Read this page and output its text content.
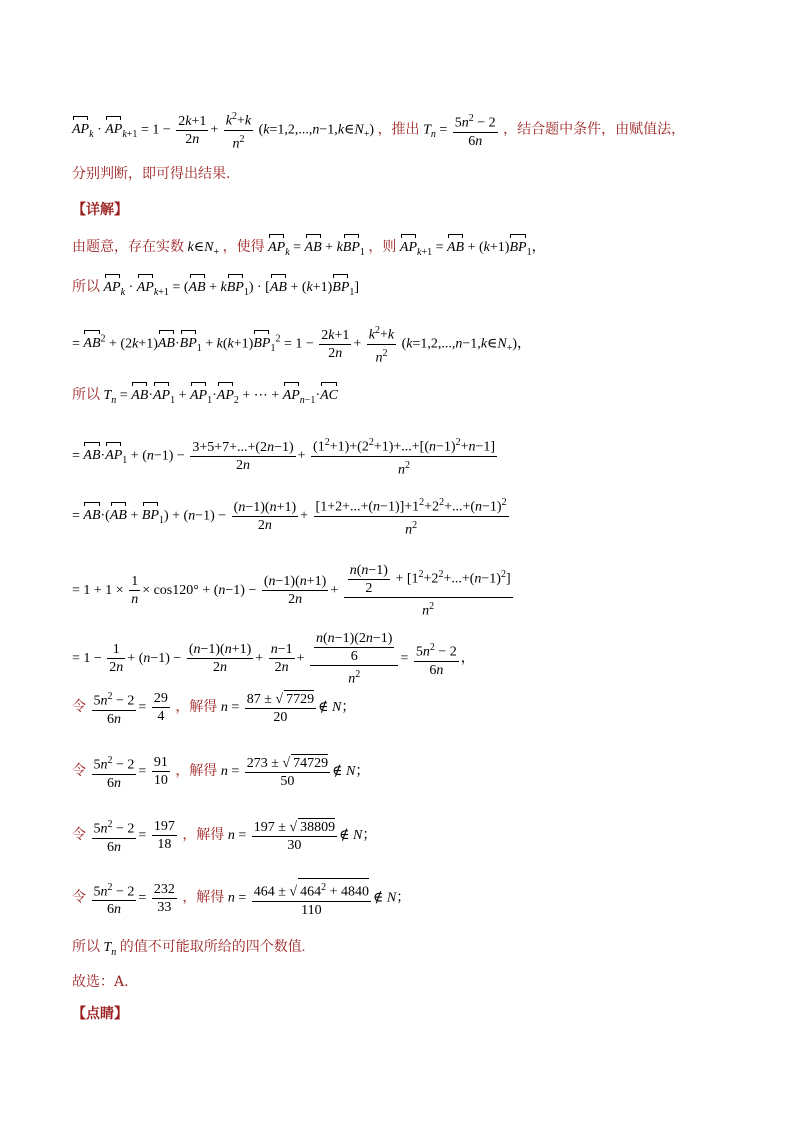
$AP_k \cdot AP_{k+1} = 1 - \frac{2k+1}{2n} + \frac{k^2+k}{n^2}$ $(k=1,2,...,n-1,k\in N_+)$ ，推出 $T_n = \frac{5n^2 - 2}{6n}$ ，结合题中条件，由赋值法，
分别判断，即可得出结果.
【详解】
由题意，存在实数 $k\in N_+$ ，使得 $AP_k$ = AB + kBP$_1$ ，则 $AP_{k+1}$ = AB + $(k+1)BP_1$，
所以 $AP_k \cdot AP_{k+1} = (AB + kBP_1) \cdot [AB + (k+1)BP_1]$
= $AB^2 + (2k+1)AB\cdot BP_1 + k(k+1)BP_1^2 = 1 - \frac{2k+1}{2n} + \frac{k^2+k}{n^2}$ $(k=1,2,...,n-1,k\in N_+)$，
所以 $T_n = AB\cdot AP_1 + AP_1\cdot AP_2$ + ⋯ + $AP_{n-1}\cdot AC$
= $AB\cdot AP_1 + (n-1) - \frac{3+5+7+...+(2n-1)}{2n} + \frac{(1^2+1)+(2^2+1)+...+[(n-1)^2+n-1]}{n^2}$
= $AB\cdot(AB + BP_1) + (n-1) - \frac{(n-1)(n+1)}{2n} + \frac{[1+2+...+(n-1)]+1^2+2^2+...+(n-1)^2}{n^2}$
= $1 + 1 \times \frac{1}{n} \times \cos 120^\circ + (n-1) - \frac{(n-1)(n+1)}{2n} + \frac{\frac{n(n-1)}{2} + [1^2+2^2+...+(n-1)^2]}{n^2}$
= $1 - \frac{1}{2n} + (n-1) - \frac{(n-1)(n+1)}{2n} + \frac{n-1}{2n} + \frac{\frac{n(n-1)(2n-1)}{6}}{n^2} = \frac{5n^2 - 2}{6n}$ ，
令 $\frac{5n^2 - 2}{6n} = \frac{29}{4}$ ，解得 $n = \frac{87 \pm √ 7729}{20}$ ∉ N；
令 $\frac{5n^2 - 2}{6n} = \frac{91}{10}$ ，解得 $n = \frac{273 \pm √ 74729}{50}$ ∉ N；
令 $\frac{5n^2 - 2}{6n} = \frac{197}{18}$ ，解得 $n = \frac{197 \pm √ 38809}{30}$ ∉ N；
令 $\frac{5n^2 - 2}{6n} = \frac{232}{33}$ ，解得 $n = \frac{464 \pm √ 464^2 + 4840}{110}$ ∉ N；
所以 $T_n$ 的值不可能取所给的四个数值.
故选：A.
【点睛】
